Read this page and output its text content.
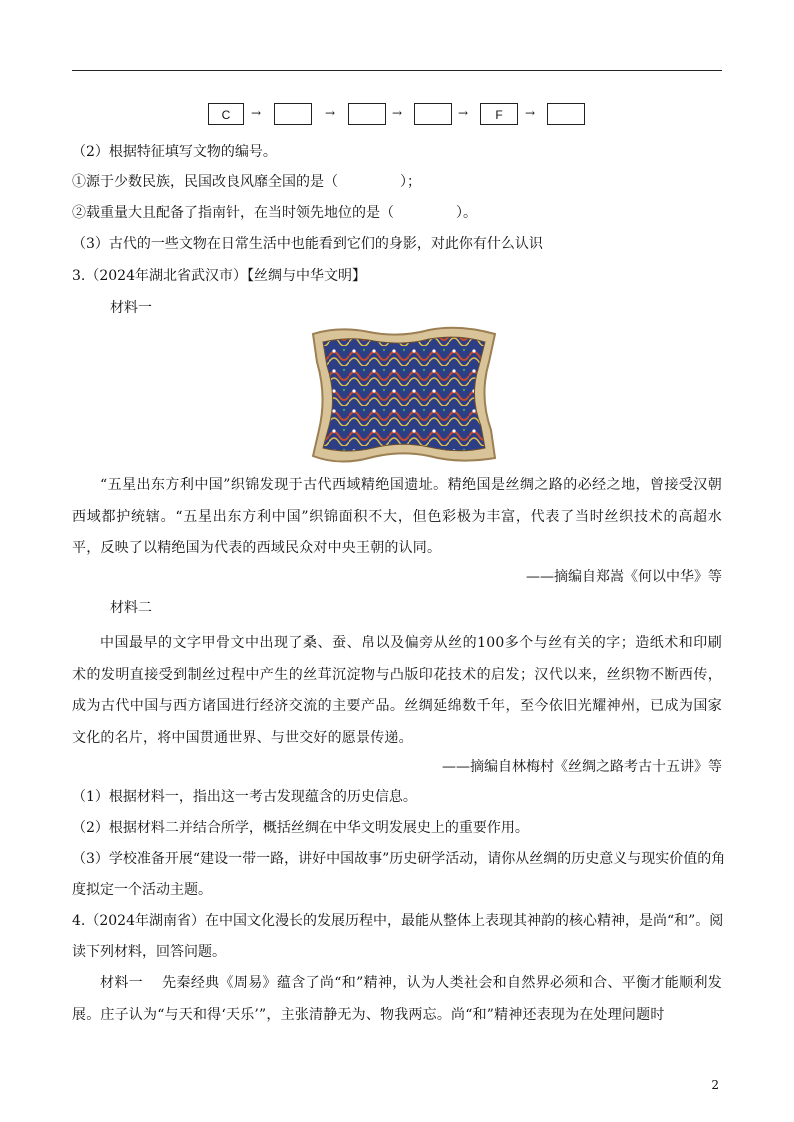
C	→	→	→	→	F	→
（2）根据特征填写文物的编号。
①源于少数民族，民国改良风靡全国的是（	）；
②载重量大且配备了指南针，在当时领先地位的是（	）。
（3）古代的一些文物在日常生活中也能看到它们的身影，对此你有什么认识
3.（2024年湖北省武汉市）【丝绸与中华文明】
材料一
“五星出东方利中国”织锦发现于古代西域精绝国遗址。精绝国是丝绸之路的必经之地，曾接受汉朝西域都护统辖。“五星出东方利中国”织锦面积不大，但色彩极为丰富，代表了当时丝织技术的高超水平，反映了以精绝国为代表的西域民众对中央王朝的认同。
——摘编自郑嵩《何以中华》等
材料二
中国最早的文字甲骨文中出现了桑、蚕、帛以及偏旁从丝的100多个与丝有关的字；造纸术和印刷术的发明直接受到制丝过程中产生的丝茸沉淀物与凸版印花技术的启发；汉代以来，丝织物不断西传，成为古代中国与西方诸国进行经济交流的主要产品。丝绸延绵数千年，至今依旧光耀神州，已成为国家文化的名片，将中国贯通世界、与世交好的愿景传递。
——摘编自林梅村《丝绸之路考古十五讲》等
（1）根据材料一，指出这一考古发现蕴含的历史信息。
（2）根据材料二并结合所学，概括丝绸在中华文明发展史上的重要作用。
（3）学校准备开展“建设一带一路，讲好中国故事”历史研学活动，请你从丝绸的历史意义与现实价值的角
度拟定一个活动主题。
4.（2024年湖南省）在中国文化漫长的发展历程中，最能从整体上表现其神韵的核心精神，是尚“和”。阅
读下列材料，回答问题。
材料一　 先秦经典《周易》蕴含了尚“和”精神，认为人类社会和自然界必须和合、平衡才能顺利发展。庄子认为“与天和得‘天乐’”，主张清静无为、物我两忘。尚“和”精神还表现为在处理问题时
2
